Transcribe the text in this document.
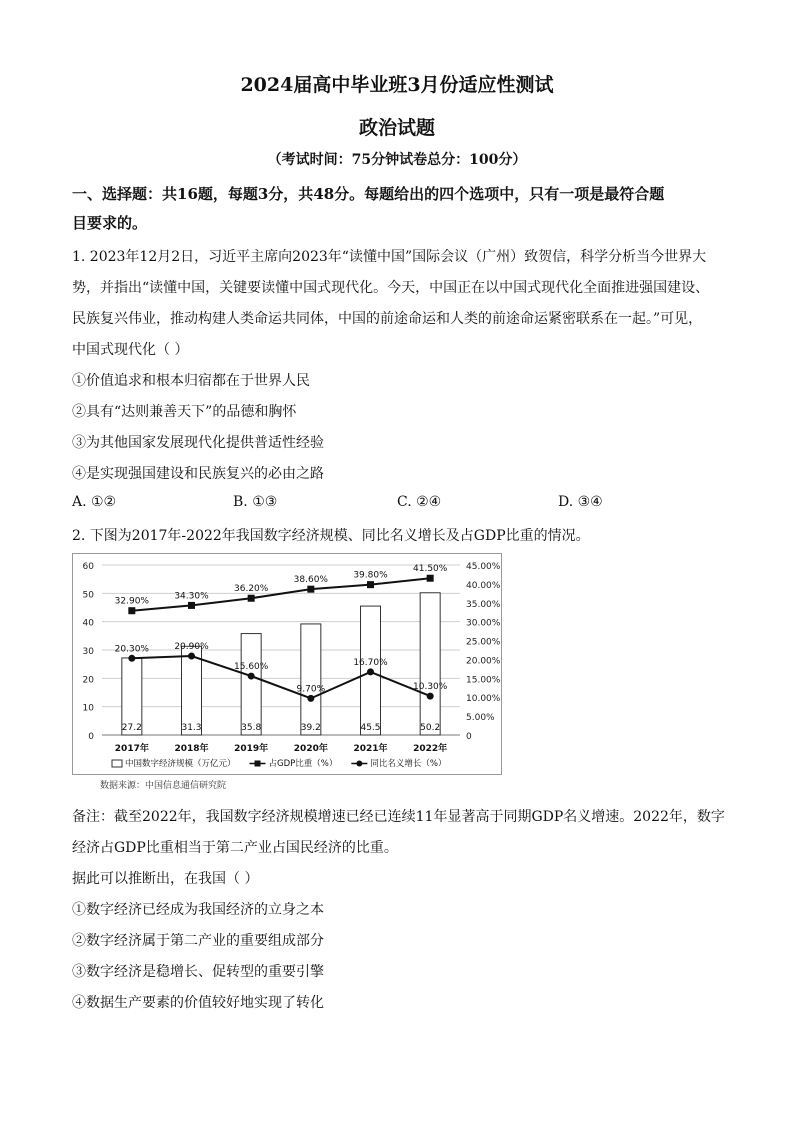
2024届高中毕业班3月份适应性测试
政治试题
（考试时间：75分钟试卷总分：100分）
一、选择题：共16题，每题3分，共48分。每题给出的四个选项中，只有一项是最符合题
目要求的。
1. 2023年12月2日，习近平主席向2023年“读懂中国”国际会议（广州）致贺信，科学分析当今世界大
势，并指出“读懂中国，关键要读懂中国式现代化。今天，中国正在以中国式现代化全面推进强国建设、
民族复兴伟业，推动构建人类命运共同体，中国的前途命运和人类的前途命运紧密联系在一起。”可见，
中国式现代化（ ）
①价值追求和根本归宿都在于世界人民
②具有“达则兼善天下”的品德和胸怀
③为其他国家发展现代化提供普适性经验
④是实现强国建设和民族复兴的必由之路
A. ①②	B. ①③	C. ②④	D. ③④
2. 下图为2017年-2022年我国数字经济规模、同比名义增长及占GDP比重的情况。
0
10
20
30
40
50
60
0
5.00%
10.00%
15.00%
20.00%
25.00%
30.00%
35.00%
40.00%
45.00%
27.2	31.3	35.8	39.2	45.5	50.2
32.90%
34.30%
36.20%
38.60%	39.80%
41.50%
20.30%	20.90%
15.60%
9.70%
16.70%
10.30%
2017年	2018年	2019年	2020年	2021年	2022年
中国数字经济规模（万亿元）	占GDP比重（%）	同比名义增长（%）
数据来源：中国信息通信研究院
备注：截至2022年，我国数字经济规模增速已经已连续11年显著高于同期GDP名义增速。2022年，数字
经济占GDP比重相当于第二产业占国民经济的比重。
据此可以推断出，在我国（ ）
①数字经济已经成为我国经济的立身之本
②数字经济属于第二产业的重要组成部分
③数字经济是稳增长、促转型的重要引擎
④数据生产要素的价值较好地实现了转化
